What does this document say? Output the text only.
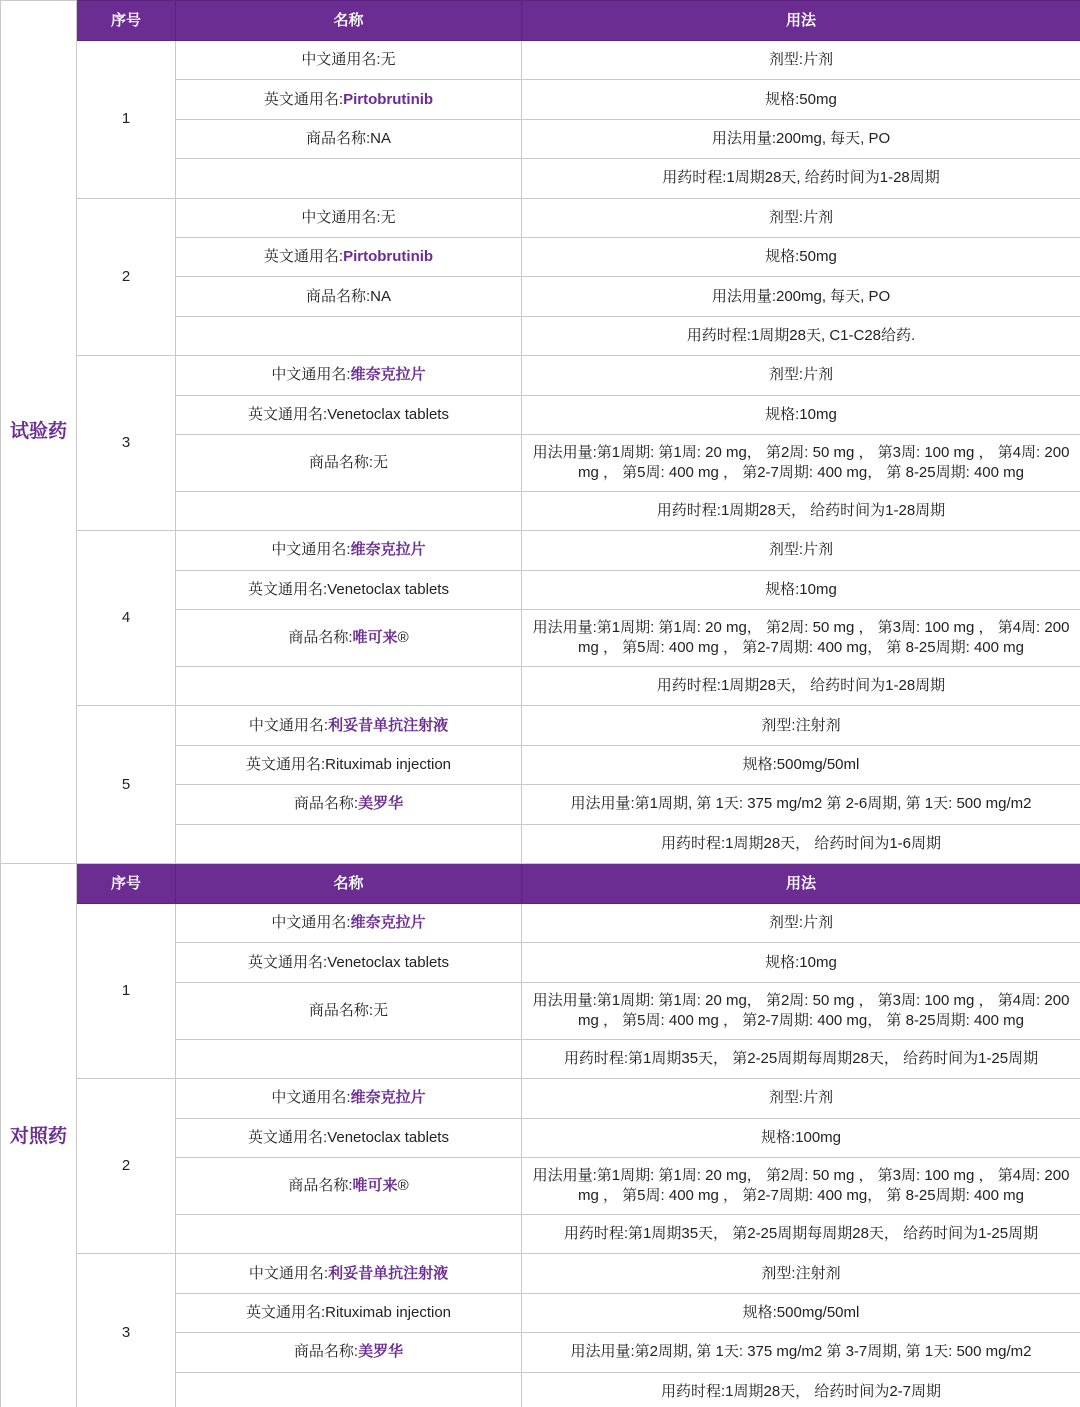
试验药	序号	名称	用法
	1	中文通用名:无	剂型:片剂
		英文通用名:Pirtobrutinib	规格:50mg
		商品名称:NA	用法用量:200mg, 每天, PO
			用药时程:1周期28天, 给药时间为1-28周期
	2	中文通用名:无	剂型:片剂
		英文通用名:Pirtobrutinib	规格:50mg
		商品名称:NA	用法用量:200mg, 每天, PO
			用药时程:1周期28天, C1-C28给药.
	3	中文通用名:维奈克拉片	剂型:片剂
		英文通用名:Venetoclax tablets	规格:10mg
		商品名称:无	用法用量:第1周期: 第1周: 20 mg， 第2周: 50 mg ， 第3周: 100 mg ， 第4周: 200 mg ， 第5周: 400 mg ， 第2-7周期: 400 mg， 第 8-25周期: 400 mg
			用药时程:1周期28天， 给药时间为1-28周期
	4	中文通用名:维奈克拉片	剂型:片剂
		英文通用名:Venetoclax tablets	规格:10mg
		商品名称:唯可来®	用法用量:第1周期: 第1周: 20 mg， 第2周: 50 mg ， 第3周: 100 mg ， 第4周: 200 mg ， 第5周: 400 mg ， 第2-7周期: 400 mg， 第 8-25周期: 400 mg
			用药时程:1周期28天， 给药时间为1-28周期
	5	中文通用名:利妥昔单抗注射液	剂型:注射剂
		英文通用名:Rituximab injection	规格:500mg/50ml
		商品名称:美罗华	用法用量:第1周期, 第 1天: 375 mg/m2 第 2-6周期, 第 1天: 500 mg/m2
			用药时程:1周期28天， 给药时间为1-6周期
对照药	序号	名称	用法
	1	中文通用名:维奈克拉片	剂型:片剂
		英文通用名:Venetoclax tablets	规格:10mg
		商品名称:无	用法用量:第1周期: 第1周: 20 mg， 第2周: 50 mg ， 第3周: 100 mg ， 第4周: 200 mg ， 第5周: 400 mg ， 第2-7周期: 400 mg， 第 8-25周期: 400 mg
			用药时程:第1周期35天， 第2-25周期每周期28天， 给药时间为1-25周期
	2	中文通用名:维奈克拉片	剂型:片剂
		英文通用名:Venetoclax tablets	规格:100mg
		商品名称:唯可来®	用法用量:第1周期: 第1周: 20 mg， 第2周: 50 mg ， 第3周: 100 mg ， 第4周: 200 mg ， 第5周: 400 mg ， 第2-7周期: 400 mg， 第 8-25周期: 400 mg
			用药时程:第1周期35天， 第2-25周期每周期28天， 给药时间为1-25周期
	3	中文通用名:利妥昔单抗注射液	剂型:注射剂
		英文通用名:Rituximab injection	规格:500mg/50ml
		商品名称:美罗华	用法用量:第2周期, 第 1天: 375 mg/m2 第 3-7周期, 第 1天: 500 mg/m2
			用药时程:1周期28天， 给药时间为2-7周期
